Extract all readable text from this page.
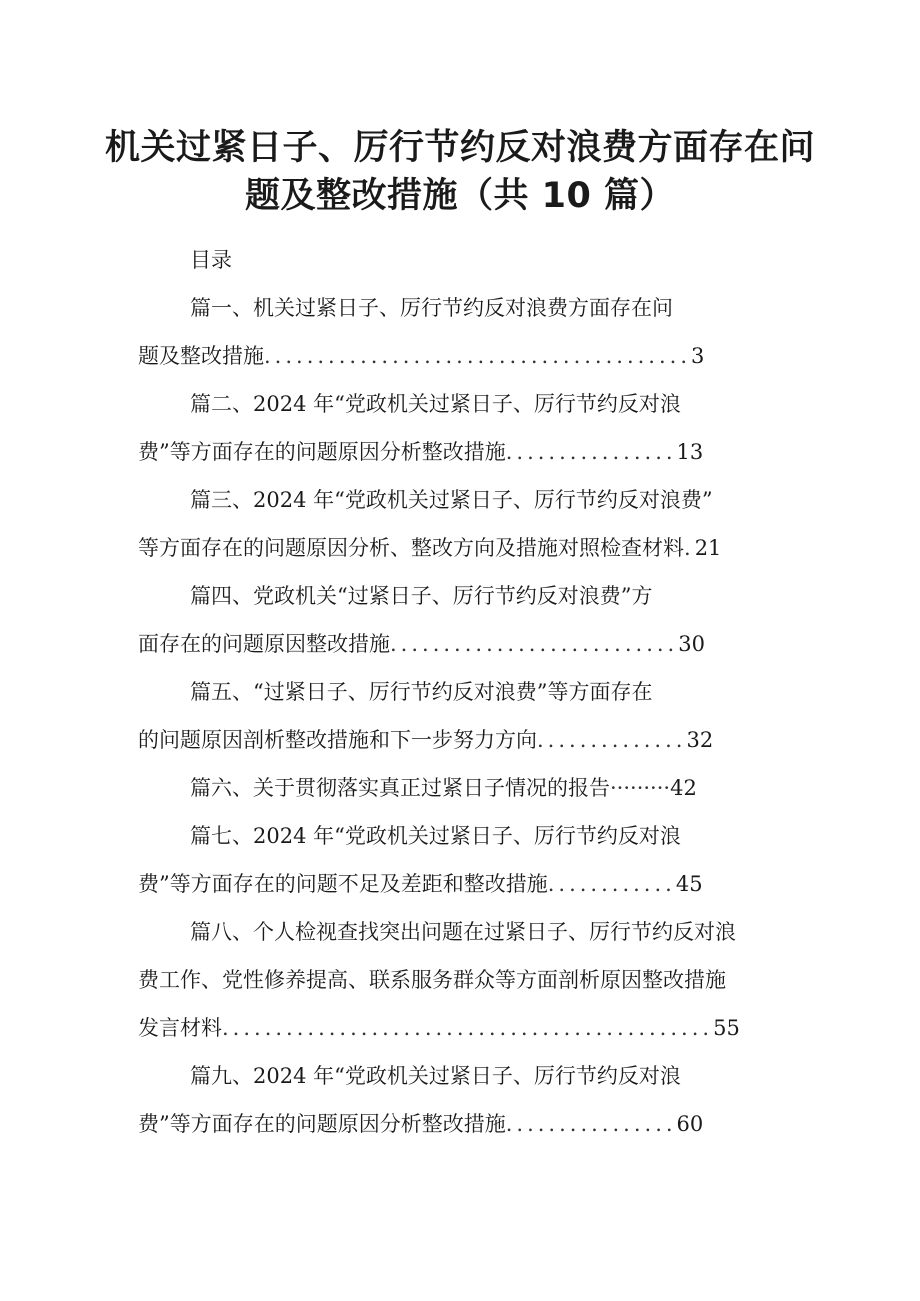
机关过紧日子、厉行节约反对浪费方面存在问
题及整改措施（共 10 篇）
目录
篇一、机关过紧日子、厉行节约反对浪费方面存在问
题及整改措施........................................3
篇二、2024 年“党政机关过紧日子、厉行节约反对浪
费”等方面存在的问题原因分析整改措施................13
篇三、2024 年“党政机关过紧日子、厉行节约反对浪费”
等方面存在的问题原因分析、整改方向及措施对照检查材料.21
篇四、党政机关“过紧日子、厉行节约反对浪费”方
面存在的问题原因整改措施...........................30
篇五、“过紧日子、厉行节约反对浪费”等方面存在
的问题原因剖析整改措施和下一步努力方向..............32
篇六、关于贯彻落实真正过紧日子情况的报告·········42
篇七、2024 年“党政机关过紧日子、厉行节约反对浪
费”等方面存在的问题不足及差距和整改措施............45
篇八、个人检视查找突出问题在过紧日子、厉行节约反对浪
费工作、党性修养提高、联系服务群众等方面剖析原因整改措施
发言材料..............................................55
篇九、2024 年“党政机关过紧日子、厉行节约反对浪
费”等方面存在的问题原因分析整改措施................60
